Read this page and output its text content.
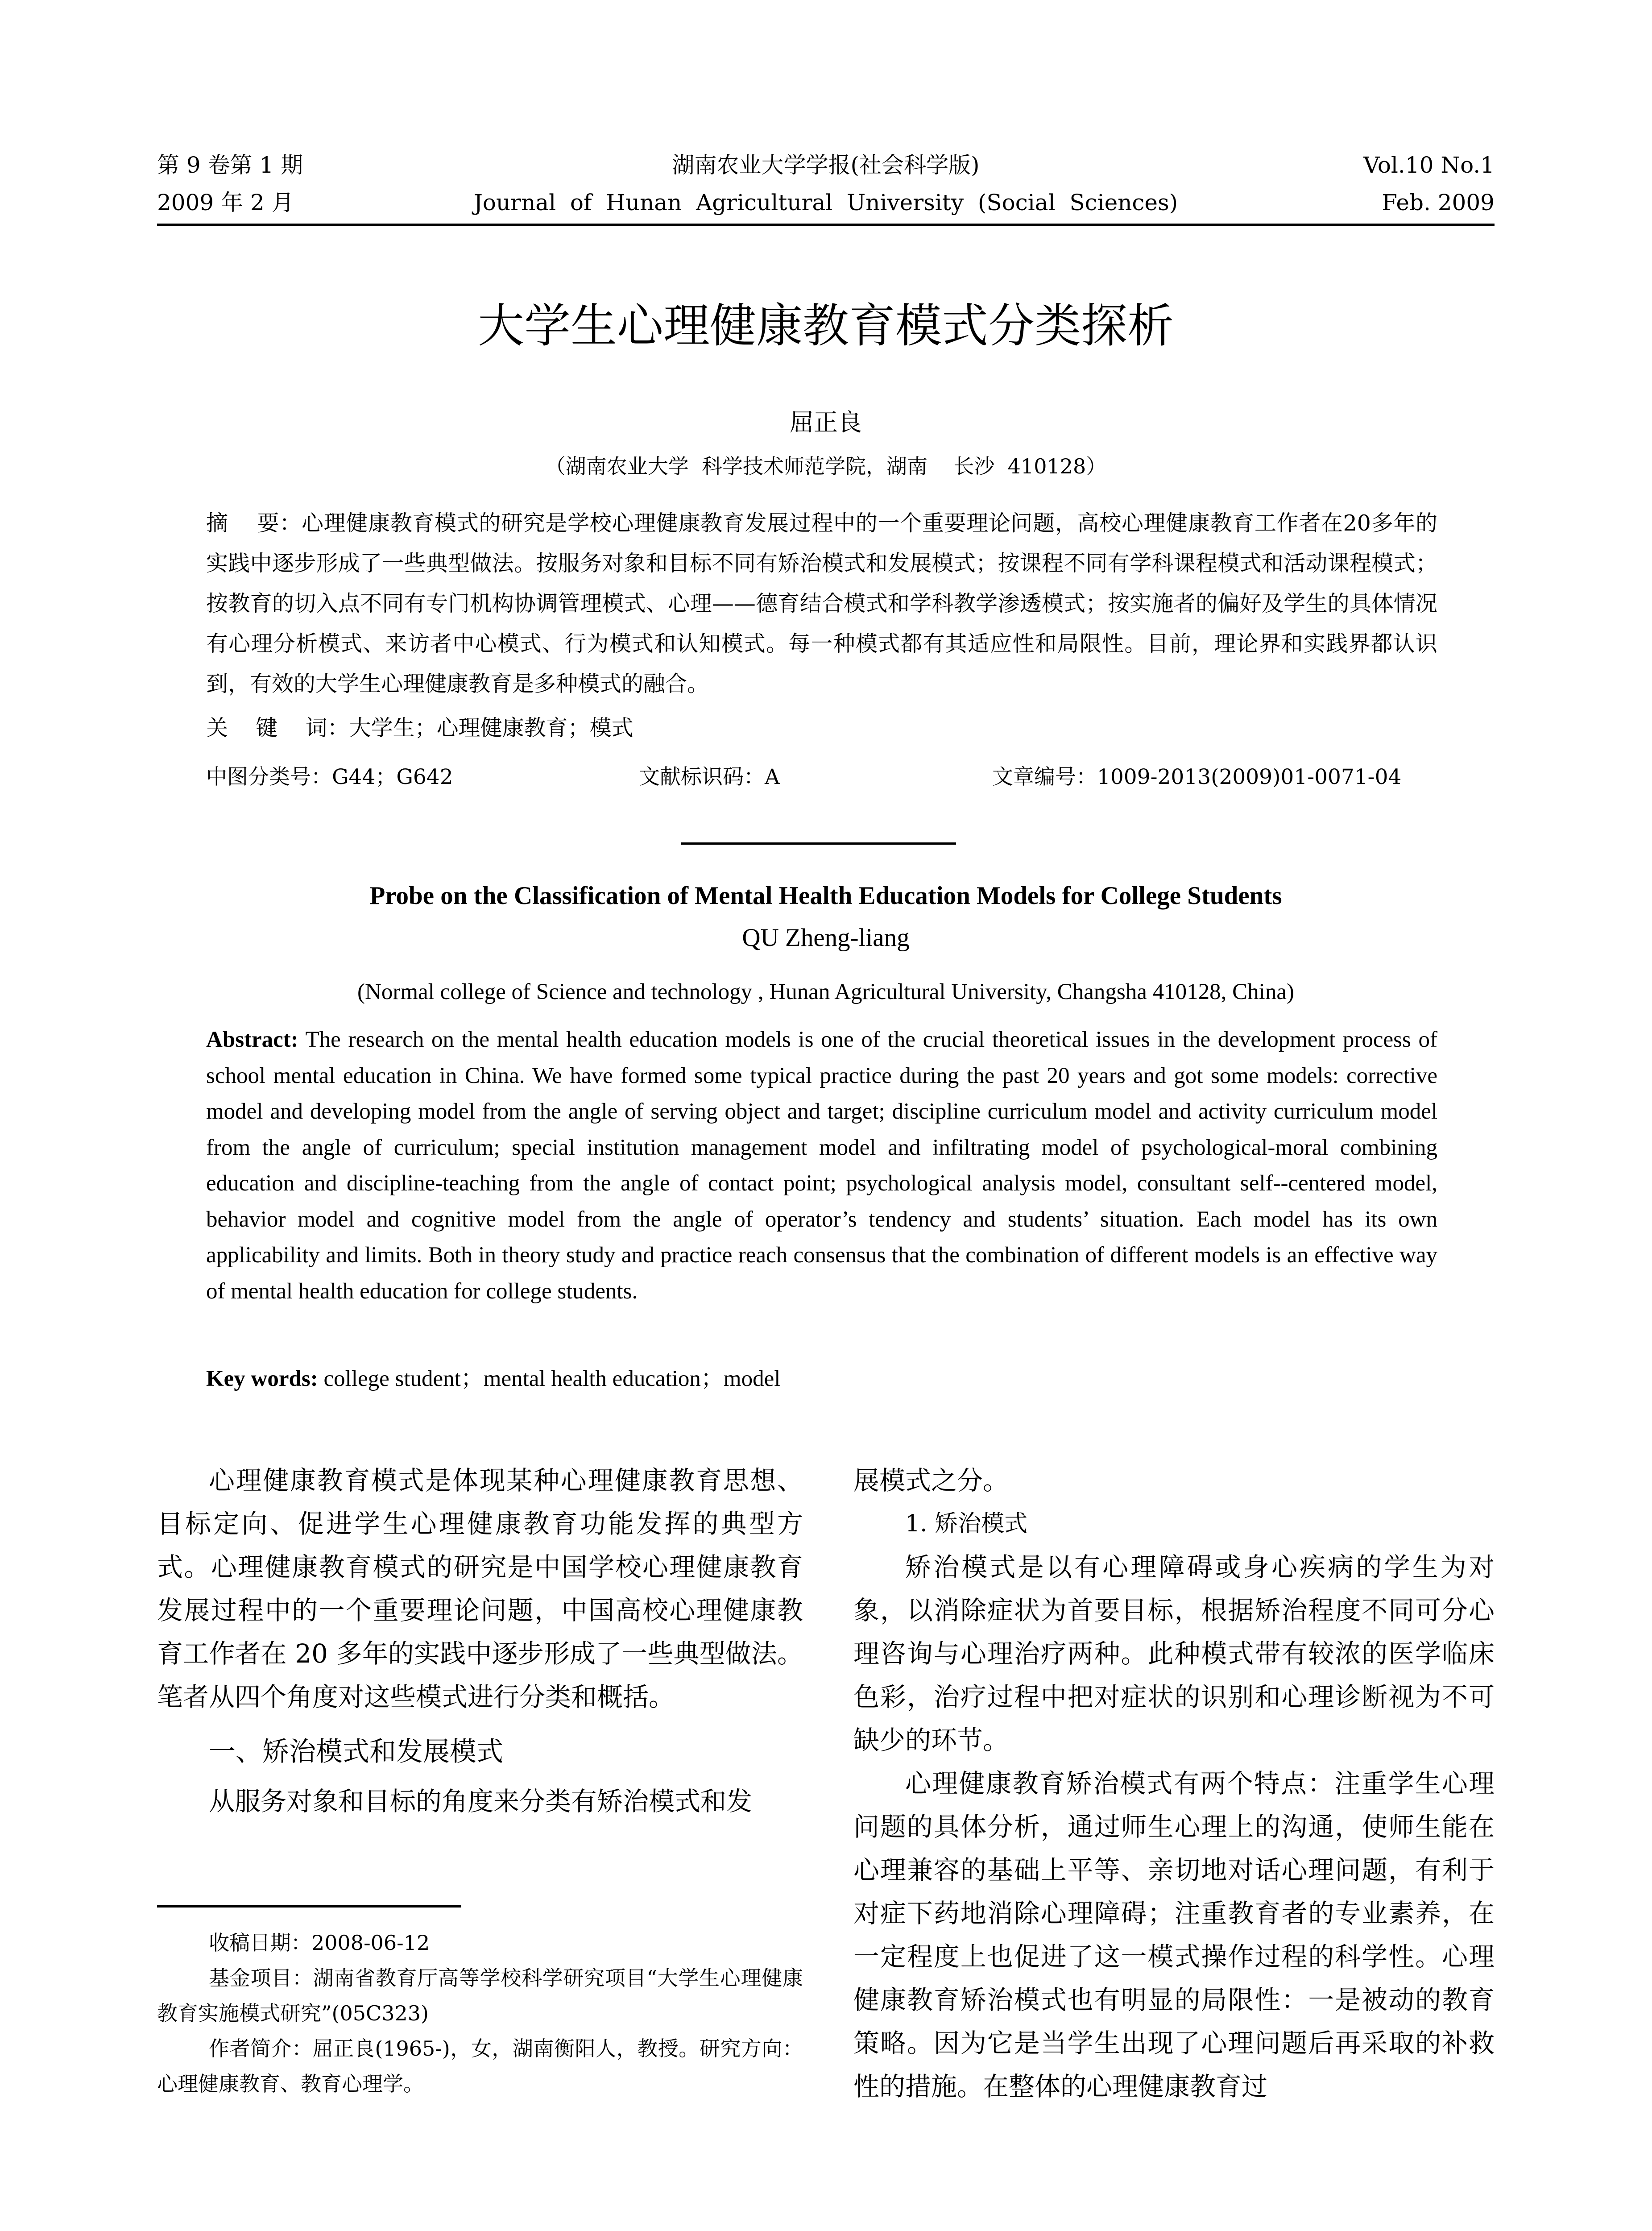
第 9 卷第 1 期	湖南农业大学学报(社会科学版)	Vol.10 No.1
2009 年 2 月	Journal  of  Hunan  Agricultural  University  (Social  Sciences)	Feb. 2009
大学生心理健康教育模式分类探析
屈正良
（湖南农业大学  科学技术师范学院，湖南    长沙  410128）
摘    要：心理健康教育模式的研究是学校心理健康教育发展过程中的一个重要理论问题，高校心理健康教育工作者在20多年的实践中逐步形成了一些典型做法。按服务对象和目标不同有矫治模式和发展模式；按课程不同有学科课程模式和活动课程模式；按教育的切入点不同有专门机构协调管理模式、心理——德育结合模式和学科教学渗透模式；按实施者的偏好及学生的具体情况有心理分析模式、来访者中心模式、行为模式和认知模式。每一种模式都有其适应性和局限性。目前，理论界和实践界都认识到，有效的大学生心理健康教育是多种模式的融合。
关    键    词：大学生；心理健康教育；模式
中图分类号：G44；G642	文献标识码：A	文章编号：1009-2013(2009)01-0071-04
Probe on the Classification of Mental Health Education Models for College Students
QU Zheng-liang
(Normal college of Science and technology , Hunan Agricultural University, Changsha 410128, China)
Abstract: The research on the mental health education models is one of the crucial theoretical issues in the development process of school mental education in China. We have formed some typical practice during the past 20 years and got some models: corrective model and developing model from the angle of serving object and target; discipline curriculum model and activity curriculum model from the angle of curriculum; special institution management model and infiltrating model of psychological-moral combining education and discipline-teaching from the angle of contact point; psychological analysis model, consultant self--centered model, behavior model and cognitive model from the angle of operator’s tendency and students’ situation. Each model has its own applicability and limits. Both in theory study and practice reach consensus that the combination of different models is an effective way of mental health education for college students.
Key words: college student；mental health education；model

心理健康教育模式是体现某种心理健康教育思想、目标定向、促进学生心理健康教育功能发挥的典型方式。心理健康教育模式的研究是中国学校心理健康教育发展过程中的一个重要理论问题，中国高校心理健康教育工作者在 20 多年的实践中逐步形成了一些典型做法。笔者从四个角度对这些模式进行分类和概括。

一、矫治模式和发展模式

从服务对象和目标的角度来分类有矫治模式和发

展模式之分。

1. 矫治模式

矫治模式是以有心理障碍或身心疾病的学生为对象，以消除症状为首要目标，根据矫治程度不同可分心理咨询与心理治疗两种。此种模式带有较浓的医学临床色彩，治疗过程中把对症状的识别和心理诊断视为不可缺少的环节。

心理健康教育矫治模式有两个特点：注重学生心理问题的具体分析，通过师生心理上的沟通，使师生能在心理兼容的基础上平等、亲切地对话心理问题，有利于对症下药地消除心理障碍；注重教育者的专业素养，在一定程度上也促进了这一模式操作过程的科学性。心理健康教育矫治模式也有明显的局限性：一是被动的教育策略。因为它是当学生出现了心理问题后再采取的补救性的措施。在整体的心理健康教育过

收稿日期：2008-06-12

基金项目：湖南省教育厅高等学校科学研究项目“大学生心理健康教育实施模式研究”(05C323)

作者简介：屈正良(1965-)，女，湖南衡阳人，教授。研究方向：心理健康教育、教育心理学。
